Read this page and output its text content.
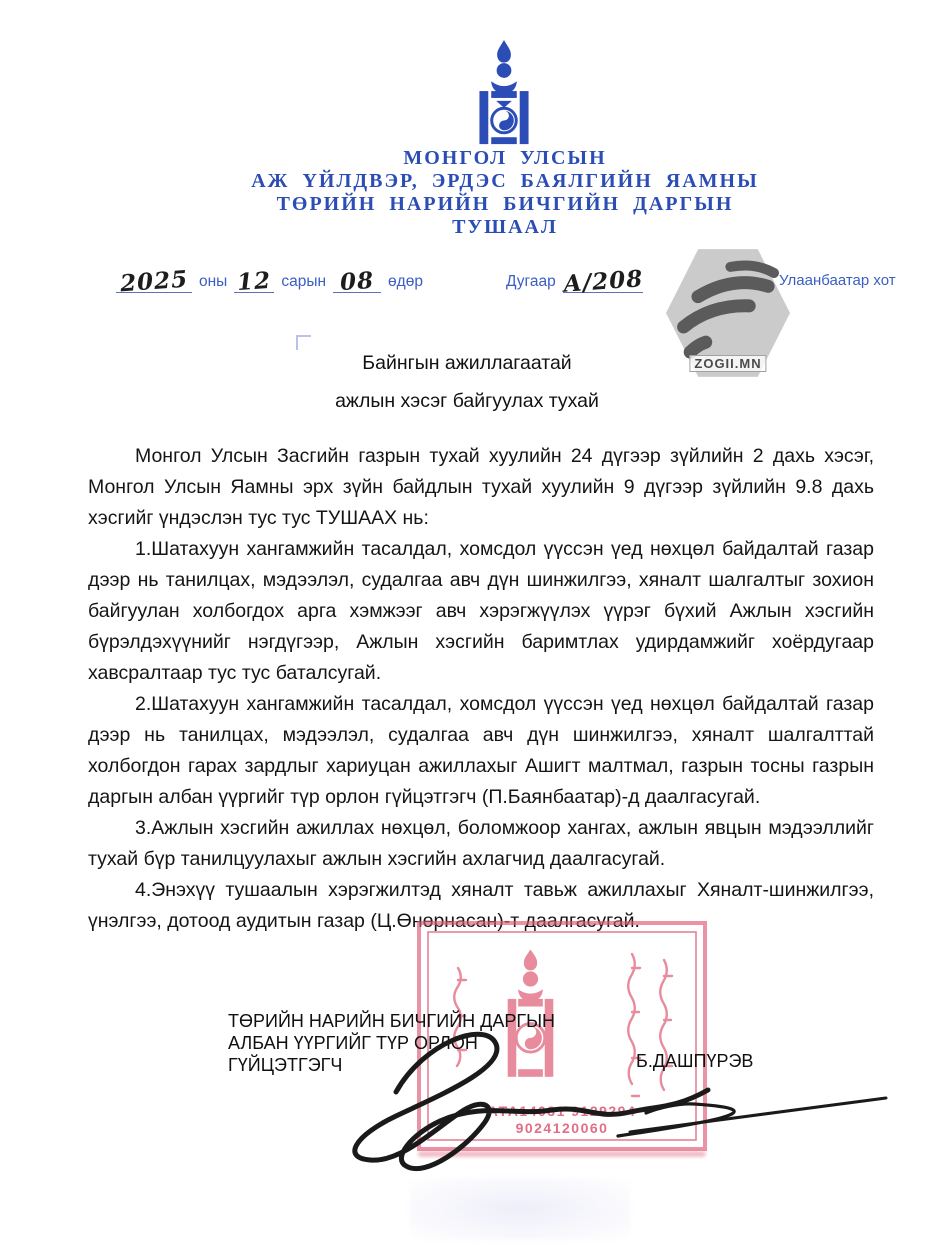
МОНГОЛ УЛСЫН
АЖ ҮЙЛДВЭР, ЭРДЭС БАЯЛГИЙН ЯАМНЫ
ТӨРИЙН НАРИЙН БИЧГИЙН ДАРГЫН
ТУШААЛ
2025 оны 12 сарын 08 өдөр	Дугаар А/208	Улаанбаатар хот
ZOGII.MN
Байнгын ажиллагаатай
ажлын хэсэг байгуулах тухай

Монгол Улсын Засгийн газрын тухай хуулийн 24 дүгээр зүйлийн 2 дахь хэсэг, Монгол Улсын Яамны эрх зүйн байдлын тухай хуулийн 9 дүгээр зүйлийн 9.8 дахь хэсгийг үндэслэн тус тус ТУШААХ нь:

1.Шатахуун хангамжийн тасалдал, хомсдол үүссэн үед нөхцөл байдалтай газар дээр нь танилцах, мэдээлэл, судалгаа авч дүн шинжилгээ, хяналт шалгалтыг зохион байгуулан холбогдох арга хэмжээг авч хэрэгжүүлэх үүрэг бүхий Ажлын хэсгийн бүрэлдэхүүнийг нэгдүгээр, Ажлын хэсгийн баримтлах удирдамжийг хоёрдугаар хавсралтаар тус тус баталсугай.

2.Шатахуун хангамжийн тасалдал, хомсдол үүссэн үед нөхцөл байдалтай газар дээр нь танилцах, мэдээлэл, судалгаа авч дүн шинжилгээ, хяналт шалгалттай холбогдон гарах зардлыг хариуцан ажиллахыг Ашигт малтмал, газрын тосны газрын даргын албан үүргийг түр орлон гүйцэтгэгч (П.Баянбаатар)-д даалгасугай.

3.Ажлын хэсгийн ажиллах нөхцөл, боломжоор хангах, ажлын явцын мэдээллийг тухай бүр танилцуулахыг ажлын хэсгийн ахлагчид даалгасугай.

4.Энэхүү тушаалын хэрэгжилтэд хяналт тавьж ажиллахыг Хяналт-шинжилгээ, үнэлгээ, дотоод аудитын газар (Ц.Өнөрнасан)-т даалгасугай.

АТА14031 9129294
9024120060
ТӨРИЙН НАРИЙН БИЧГИЙН ДАРГЫН
АЛБАН ҮҮРГИЙГ ТҮР ОРЛОН
ГҮЙЦЭТГЭГЧ	Б.ДАШПҮРЭВ
